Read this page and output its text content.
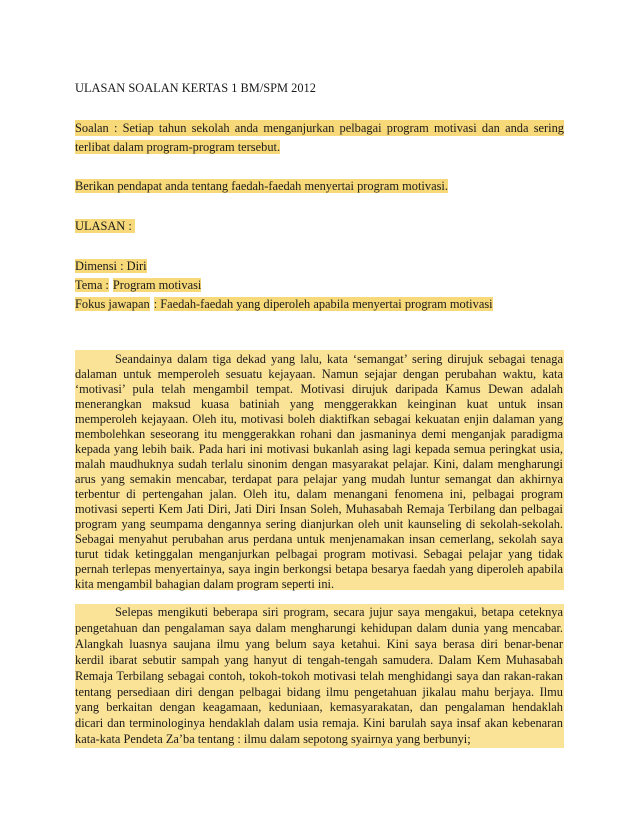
ULASAN SOALAN KERTAS 1 BM/SPM 2012
Soalan : Setiap tahun sekolah anda menganjurkan pelbagai program motivasi dan anda sering
terlibat dalam program-program tersebut.
Berikan pendapat anda tentang faedah-faedah menyertai program motivasi.
ULASAN :
Dimensi : Diri
Tema : Program motivasi
Fokus jawapan : Faedah-faedah yang diperoleh apabila menyertai program motivasi
Seandainya dalam tiga dekad yang lalu, kata ‘semangat’ sering dirujuk sebagai tenaga
dalaman untuk memperoleh sesuatu kejayaan. Namun sejajar dengan perubahan waktu, kata
‘motivasi’ pula telah mengambil tempat. Motivasi dirujuk daripada Kamus Dewan adalah
menerangkan maksud kuasa batiniah yang menggerakkan keinginan kuat untuk insan
memperoleh kejayaan. Oleh itu, motivasi boleh diaktifkan sebagai kekuatan enjin dalaman yang
membolehkan seseorang itu menggerakkan rohani dan jasmaninya demi menganjak paradigma
kepada yang lebih baik. Pada hari ini motivasi bukanlah asing lagi kepada semua peringkat usia,
malah maudhuknya sudah terlalu sinonim dengan masyarakat pelajar. Kini, dalam mengharungi
arus yang semakin mencabar, terdapat para pelajar yang mudah luntur semangat dan akhirnya
terbentur di pertengahan jalan. Oleh itu, dalam menangani fenomena ini, pelbagai program
motivasi seperti Kem Jati Diri, Jati Diri Insan Soleh, Muhasabah Remaja Terbilang dan pelbagai
program yang seumpama dengannya sering dianjurkan oleh unit kaunseling di sekolah-sekolah.
Sebagai menyahut perubahan arus perdana untuk menjenamakan insan cemerlang, sekolah saya
turut tidak ketinggalan menganjurkan pelbagai program motivasi. Sebagai pelajar yang tidak
pernah terlepas menyertainya, saya ingin berkongsi betapa besarya faedah yang diperoleh apabila
kita mengambil bahagian dalam program seperti ini.
Selepas mengikuti beberapa siri program, secara jujur saya mengakui, betapa ceteknya
pengetahuan dan pengalaman saya dalam mengharungi kehidupan dalam dunia yang mencabar.
Alangkah luasnya saujana ilmu yang belum saya ketahui. Kini saya berasa diri benar-benar
kerdil ibarat sebutir sampah yang hanyut di tengah-tengah samudera. Dalam Kem Muhasabah
Remaja Terbilang sebagai contoh, tokoh-tokoh motivasi telah menghidangi saya dan rakan-rakan
tentang persediaan diri dengan pelbagai bidang ilmu pengetahuan jikalau mahu berjaya. Ilmu
yang berkaitan dengan keagamaan, keduniaan, kemasyarakatan, dan pengalaman hendaklah
dicari dan terminologinya hendaklah dalam usia remaja. Kini barulah saya insaf akan kebenaran
kata-kata Pendeta Za’ba tentang : ilmu dalam sepotong syairnya yang berbunyi;
